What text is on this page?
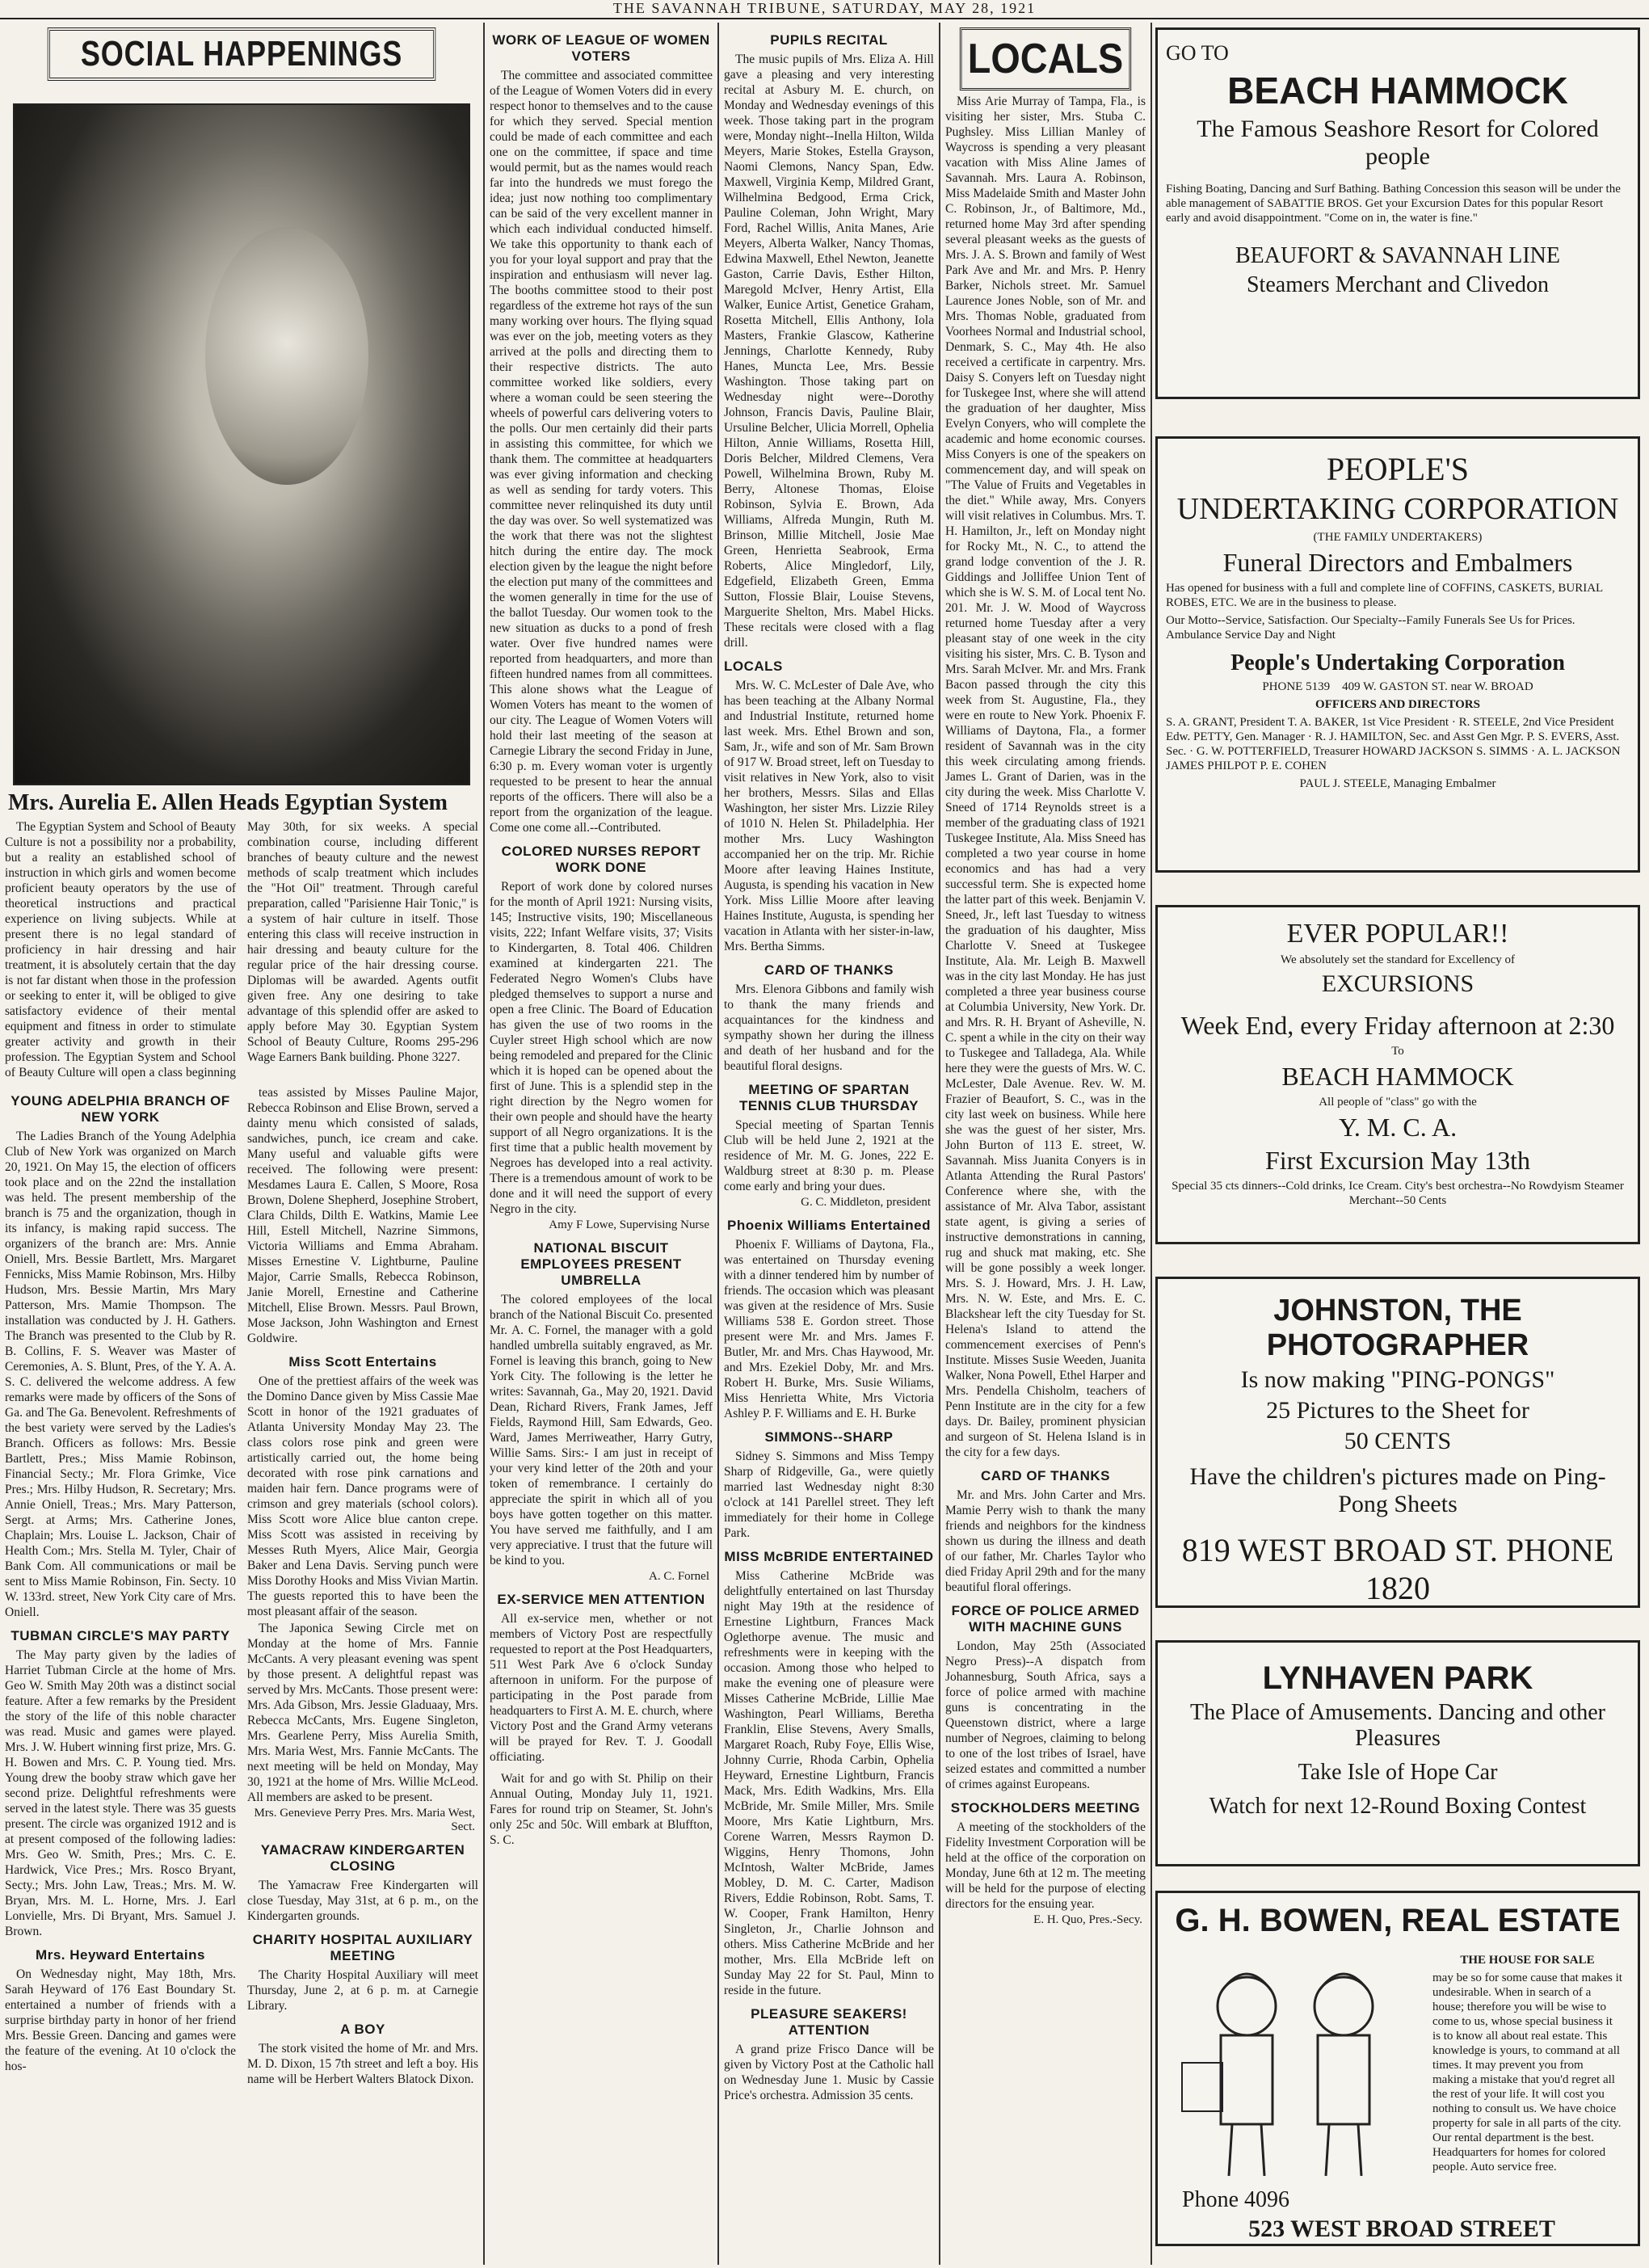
THE SAVANNAH TRIBUNE, SATURDAY, MAY 28, 1921
SOCIAL HAPPENINGS
Mrs. Aurelia E. Allen Heads Egyptian System

The Egyptian System and School of Beauty Culture is not a possibility nor a probability, but a reality an established school of instruction in which girls and women become proficient beauty operators by the use of theoretical instructions and practical experience on living subjects. While at present there is no legal standard of proficiency in hair dressing and hair treatment, it is absolutely certain that the day is not far distant when those in the profession or seeking to enter it, will be obliged to give satisfactory evidence of their mental equipment and fitness in order to stimulate greater activity and growth in their profession. The Egyptian System and School of Beauty Culture will open a class beginning May 30th, for six weeks. A special combination course, including different branches of beauty culture and the newest methods of scalp treatment which includes the "Hot Oil" treatment. Through careful preparation, called "Parisienne Hair Tonic," is a system of hair culture in itself. Those entering this class will receive instruction in hair dressing and beauty culture for the regular price of the hair dressing course. Diplomas will be awarded. Agents outfit given free. Any one desiring to take advantage of this splendid offer are asked to apply before May 30. Egyptian System School of Beauty Culture, Rooms 295-296 Wage Earners Bank building. Phone 3227.

YOUNG ADELPHIA BRANCH OF NEW YORK

The Ladies Branch of the Young Adelphia Club of New York was organized on March 20, 1921. On May 15, the election of officers took place and on the 22nd the installation was held. The present membership of the branch is 75 and the organization, though in its infancy, is making rapid success. The organizers of the branch are: Mrs. Annie Oniell, Mrs. Bessie Bartlett, Mrs. Margaret Fennicks, Miss Mamie Robinson, Mrs. Hilby Hudson, Mrs. Bessie Martin, Mrs Mary Patterson, Mrs. Mamie Thompson. The installation was conducted by J. H. Gathers. The Branch was presented to the Club by R. B. Collins, F. S. Weaver was Master of Ceremonies, A. S. Blunt, Pres, of the Y. A. A. S. C. delivered the welcome address. A few remarks were made by officers of the Sons of Ga. and The Ga. Benevolent. Refreshments of the best variety were served by the Ladies's Branch. Officers as follows: Mrs. Bessie Bartlett, Pres.; Miss Mamie Robinson, Financial Secty.; Mr. Flora Grimke, Vice Pres.; Mrs. Hilby Hudson, R. Secretary; Mrs. Annie Oniell, Treas.; Mrs. Mary Patterson, Sergt. at Arms; Mrs. Catherine Jones, Chaplain; Mrs. Louise L. Jackson, Chair of Health Com.; Mrs. Stella M. Tyler, Chair of Bank Com. All communications or mail be sent to Miss Mamie Robinson, Fin. Secty. 10 W. 133rd. street, New York City care of Mrs. Oniell.

TUBMAN CIRCLE'S MAY PARTY

The May party given by the ladies of Harriet Tubman Circle at the home of Mrs. Geo W. Smith May 20th was a distinct social feature. After a few remarks by the President the story of the life of this noble character was read. Music and games were played. Mrs. J. W. Hubert winning first prize, Mrs. G. H. Bowen and Mrs. C. P. Young tied. Mrs. Young drew the booby straw which gave her second prize. Delightful refreshments were served in the latest style. There was 35 guests present. The circle was organized 1912 and is at present composed of the following ladies: Mrs. Geo W. Smith, Pres.; Mrs. C. E. Hardwick, Vice Pres.; Mrs. Rosco Bryant, Secty.; Mrs. John Law, Treas.; Mrs. M. W. Bryan, Mrs. M. L. Horne, Mrs. J. Earl Lonvielle, Mrs. Di Bryant, Mrs. Samuel J. Brown.

Mrs. Heyward Entertains

On Wednesday night, May 18th, Mrs. Sarah Heyward of 176 East Boundary St. entertained a number of friends with a surprise birthday party in honor of her friend Mrs. Bessie Green. Dancing and games were the feature of the evening. At 10 o'clock the hos-

teas assisted by Misses Pauline Major, Rebecca Robinson and Elise Brown, served a dainty menu which consisted of salads, sandwiches, punch, ice cream and cake. Many useful and valuable gifts were received. The following were present: Mesdames Laura E. Callen, S Moore, Rosa Brown, Dolene Shepherd, Josephine Strobert, Clara Childs, Dilth E. Watkins, Mamie Lee Hill, Estell Mitchell, Nazrine Simmons, Victoria Williams and Emma Abraham. Misses Ernestine V. Lightburne, Pauline Major, Carrie Smalls, Rebecca Robinson, Janie Morell, Ernestine and Catherine Mitchell, Elise Brown. Messrs. Paul Brown, Mose Jackson, John Washington and Ernest Goldwire.

Miss Scott Entertains

One of the prettiest affairs of the week was the Domino Dance given by Miss Cassie Mae Scott in honor of the 1921 graduates of Atlanta University Monday May 23. The class colors rose pink and green were artistically carried out, the home being decorated with rose pink carnations and maiden hair fern. Dance programs were of crimson and grey materials (school colors). Miss Scott wore Alice blue canton crepe. Miss Scott was assisted in receiving by Messes Ruth Myers, Alice Mair, Georgia Baker and Lena Davis. Serving punch were Miss Dorothy Hooks and Miss Vivian Martin. The guests reported this to have been the most pleasant affair of the season.

The Japonica Sewing Circle met on Monday at the home of Mrs. Fannie McCants. A very pleasant evening was spent by those present. A delightful repast was served by Mrs. McCants. Those present were: Mrs. Ada Gibson, Mrs. Jessie Gladuaay, Mrs. Rebecca McCants, Mrs. Eugene Singleton, Mrs. Gearlene Perry, Miss Aurelia Smith, Mrs. Maria West, Mrs. Fannie McCants. The next meeting will be held on Monday, May 30, 1921 at the home of Mrs. Willie McLeod. All members are asked to be present.

Mrs. Genevieve Perry Pres. Mrs. Maria West, Sect.
YAMACRAW KINDERGARTEN CLOSING

The Yamacraw Free Kindergarten will close Tuesday, May 31st, at 6 p. m., on the Kindergarten grounds.

CHARITY HOSPITAL AUXILIARY MEETING

The Charity Hospital Auxiliary will meet Thursday, June 2, at 6 p. m. at Carnegie Library.

A BOY

The stork visited the home of Mr. and Mrs. M. D. Dixon, 15 7th street and left a boy. His name will be Herbert Walters Blatock Dixon.

WORK OF LEAGUE OF WOMEN VOTERS

The committee and associated committee of the League of Women Voters did in every respect honor to themselves and to the cause for which they served. Special mention could be made of each committee and each one on the committee, if space and time would permit, but as the names would reach far into the hundreds we must forego the idea; just now nothing too complimentary can be said of the very excellent manner in which each individual conducted himself. We take this opportunity to thank each of you for your loyal support and pray that the inspiration and enthusiasm will never lag. The booths committee stood to their post regardless of the extreme hot rays of the sun many working over hours. The flying squad was ever on the job, meeting voters as they arrived at the polls and directing them to their respective districts. The auto committee worked like soldiers, every where a woman could be seen steering the wheels of powerful cars delivering voters to the polls. Our men certainly did their parts in assisting this committee, for which we thank them. The committee at headquarters was ever giving information and checking as well as sending for tardy voters. This committee never relinquished its duty until the day was over. So well systematized was the work that there was not the slightest hitch during the entire day. The mock election given by the league the night before the election put many of the committees and the women generally in time for the use of the ballot Tuesday. Our women took to the new situation as ducks to a pond of fresh water. Over five hundred names were reported from headquarters, and more than fifteen hundred names from all committees. This alone shows what the League of Women Voters has meant to the women of our city. The League of Women Voters will hold their last meeting of the season at Carnegie Library the second Friday in June, 6:30 p. m. Every woman voter is urgently requested to be present to hear the annual reports of the officers. There will also be a report from the organization of the league. Come one come all.--Contributed.

COLORED NURSES REPORT WORK DONE

Report of work done by colored nurses for the month of April 1921: Nursing visits, 145; Instructive visits, 190; Miscellaneous visits, 222; Infant Welfare visits, 37; Visits to Kindergarten, 8. Total 406. Children examined at kindergarten 221. The Federated Negro Women's Clubs have pledged themselves to support a nurse and open a free Clinic. The Board of Education has given the use of two rooms in the Cuyler street High school which are now being remodeled and prepared for the Clinic which it is hoped can be opened about the first of June. This is a splendid step in the right direction by the Negro women for their own people and should have the hearty support of all Negro organizations. It is the first time that a public health movement by Negroes has developed into a real activity. There is a tremendous amount of work to be done and it will need the support of every Negro in the city.

Amy F Lowe, Supervising Nurse
NATIONAL BISCUIT EMPLOYEES PRESENT UMBRELLA

The colored employees of the local branch of the National Biscuit Co. presented Mr. A. C. Fornel, the manager with a gold handled umbrella suitably engraved, as Mr. Fornel is leaving this branch, going to New York City. The following is the letter he writes: Savannah, Ga., May 20, 1921. David Dean, Richard Rivers, Frank James, Jeff Fields, Raymond Hill, Sam Edwards, Geo. Ward, James Merriweather, Harry Gutry, Willie Sams. Sirs:- I am just in receipt of your very kind letter of the 20th and your token of remembrance. I certainly do appreciate the spirit in which all of you boys have gotten together on this matter. You have served me faithfully, and I am very appreciative. I trust that the future will be kind to you.

A. C. Fornel
EX-SERVICE MEN ATTENTION

All ex-service men, whether or not members of Victory Post are respectfully requested to report at the Post Headquarters, 511 West Park Ave 6 o'clock Sunday afternoon in uniform. For the purpose of participating in the Post parade from headquarters to First A. M. E. church, where Victory Post and the Grand Army veterans will be prayed for Rev. T. J. Goodall officiating.

Wait for and go with St. Philip on their Annual Outing, Monday July 11, 1921. Fares for round trip on Steamer, St. John's only 25c and 50c. Will embark at Bluffton, S. C.

PUPILS RECITAL

The music pupils of Mrs. Eliza A. Hill gave a pleasing and very interesting recital at Asbury M. E. church, on Monday and Wednesday evenings of this week. Those taking part in the program were, Monday night--Inella Hilton, Wilda Meyers, Marie Stokes, Estella Grayson, Naomi Clemons, Nancy Span, Edw. Maxwell, Virginia Kemp, Mildred Grant, Wilhelmina Bedgood, Erma Crick, Pauline Coleman, John Wright, Mary Ford, Rachel Willis, Anita Manes, Arie Meyers, Alberta Walker, Nancy Thomas, Edwina Maxwell, Ethel Newton, Jeanette Gaston, Carrie Davis, Esther Hilton, Maregold McIver, Henry Artist, Ella Walker, Eunice Artist, Genetice Graham, Rosetta Mitchell, Ellis Anthony, Iola Masters, Frankie Glascow, Katherine Jennings, Charlotte Kennedy, Ruby Hanes, Muncta Lee, Mrs. Bessie Washington. Those taking part on Wednesday night were--Dorothy Johnson, Francis Davis, Pauline Blair, Ursuline Belcher, Ulicia Morrell, Ophelia Hilton, Annie Williams, Rosetta Hill, Doris Belcher, Mildred Clemens, Vera Powell, Wilhelmina Brown, Ruby M. Berry, Altonese Thomas, Eloise Robinson, Sylvia E. Brown, Ada Williams, Alfreda Mungin, Ruth M. Brinson, Millie Mitchell, Josie Mae Green, Henrietta Seabrook, Erma Roberts, Alice Mingledorf, Lily, Edgefield, Elizabeth Green, Emma Sutton, Flossie Blair, Louise Stevens, Marguerite Shelton, Mrs. Mabel Hicks. These recitals were closed with a flag drill.

LOCALS

Mrs. W. C. McLester of Dale Ave, who has been teaching at the Albany Normal and Industrial Institute, returned home last week. Mrs. Ethel Brown and son, Sam, Jr., wife and son of Mr. Sam Brown of 917 W. Broad street, left on Tuesday to visit relatives in New York, also to visit her brothers, Messrs. Silas and Ellas Washington, her sister Mrs. Lizzie Riley of 1010 N. Helen St. Philadelphia. Her mother Mrs. Lucy Washington accompanied her on the trip. Mr. Richie Moore after leaving Haines Institute, Augusta, is spending his vacation in New York. Miss Lillie Moore after leaving Haines Institute, Augusta, is spending her vacation in Atlanta with her sister-in-law, Mrs. Bertha Simms.

CARD OF THANKS

Mrs. Elenora Gibbons and family wish to thank the many friends and acquaintances for the kindness and sympathy shown her during the illness and death of her husband and for the beautiful floral designs.

MEETING OF SPARTAN TENNIS CLUB THURSDAY

Special meeting of Spartan Tennis Club will be held June 2, 1921 at the residence of Mr. M. G. Jones, 222 E. Waldburg street at 8:30 p. m. Please come early and bring your dues.

G. C. Middleton, president
Phoenix Williams Entertained

Phoenix F. Williams of Daytona, Fla., was entertained on Thursday evening with a dinner tendered him by number of friends. The occasion which was pleasant was given at the residence of Mrs. Susie Williams 538 E. Gordon street. Those present were Mr. and Mrs. James F. Butler, Mr. and Mrs. Chas Haywood, Mr. and Mrs. Ezekiel Doby, Mr. and Mrs. Robert H. Burke, Mrs. Susie Wiliams, Miss Henrietta White, Mrs Victoria Ashley P. F. Williams and E. H. Burke

SIMMONS--SHARP

Sidney S. Simmons and Miss Tempy Sharp of Ridgeville, Ga., were quietly married last Wednesday night 8:30 o'clock at 141 Parellel street. They left immediately for their home in College Park.

MISS McBRIDE ENTERTAINED

Miss Catherine McBride was delightfully entertained on last Thursday night May 19th at the residence of Ernestine Lightburn, Frances Mack Oglethorpe avenue. The music and refreshments were in keeping with the occasion. Among those who helped to make the evening one of pleasure were Misses Catherine McBride, Lillie Mae Washington, Pearl Williams, Beretha Franklin, Elise Stevens, Avery Smalls, Margaret Roach, Ruby Foye, Ellis Wise, Johnny Currie, Rhoda Carbin, Ophelia Heyward, Ernestine Lightburn, Francis Mack, Mrs. Edith Wadkins, Mrs. Ella McBride, Mr. Smile Miller, Mrs. Smile Moore, Mrs Katie Lightburn, Mrs. Corene Warren, Messrs Raymon D. Wiggins, Henry Thomons, John McIntosh, Walter McBride, James Mobley, D. M. C. Carter, Madison Rivers, Eddie Robinson, Robt. Sams, T. W. Cooper, Frank Hamilton, Henry Singleton, Jr., Charlie Johnson and others. Miss Catherine McBride and her mother, Mrs. Ella McBride left on Sunday May 22 for St. Paul, Minn to reside in the future.

PLEASURE SEAKERS! ATTENTION

A grand prize Frisco Dance will be given by Victory Post at the Catholic hall on Wednesday June 1. Music by Cassie Price's orchestra. Admission 35 cents.

LOCALS

Miss Arie Murray of Tampa, Fla., is visiting her sister, Mrs. Stuba C. Pughsley. Miss Lillian Manley of Waycross is spending a very pleasant vacation with Miss Aline James of Savannah. Mrs. Laura A. Robinson, Miss Madelaide Smith and Master John C. Robinson, Jr., of Baltimore, Md., returned home May 3rd after spending several pleasant weeks as the guests of Mrs. J. A. S. Brown and family of West Park Ave and Mr. and Mrs. P. Henry Barker, Nichols street. Mr. Samuel Laurence Jones Noble, son of Mr. and Mrs. Thomas Noble, graduated from Voorhees Normal and Industrial school, Denmark, S. C., May 4th. He also received a certificate in carpentry. Mrs. Daisy S. Conyers left on Tuesday night for Tuskegee Inst, where she will attend the graduation of her daughter, Miss Evelyn Conyers, who will complete the academic and home economic courses. Miss Conyers is one of the speakers on commencement day, and will speak on "The Value of Fruits and Vegetables in the diet." While away, Mrs. Conyers will visit relatives in Columbus. Mrs. T. H. Hamilton, Jr., left on Monday night for Rocky Mt., N. C., to attend the grand lodge convention of the J. R. Giddings and Jolliffee Union Tent of which she is W. S. M. of Local tent No. 201. Mr. J. W. Mood of Waycross returned home Tuesday after a very pleasant stay of one week in the city visiting his sister, Mrs. C. B. Tyson and Mrs. Sarah McIver. Mr. and Mrs. Frank Bacon passed through the city this week from St. Augustine, Fla., they were en route to New York. Phoenix F. Williams of Daytona, Fla., a former resident of Savannah was in the city this week circulating among friends. James L. Grant of Darien, was in the city during the week. Miss Charlotte V. Sneed of 1714 Reynolds street is a member of the graduating class of 1921 Tuskegee Institute, Ala. Miss Sneed has completed a two year course in home economics and has had a very successful term. She is expected home the latter part of this week. Benjamin V. Sneed, Jr., left last Tuesday to witness the graduation of his daughter, Miss Charlotte V. Sneed at Tuskegee Institute, Ala. Mr. Leigh B. Maxwell was in the city last Monday. He has just completed a three year business course at Columbia University, New York. Dr. and Mrs. R. H. Bryant of Asheville, N. C. spent a while in the city on their way to Tuskegee and Talladega, Ala. While here they were the guests of Mrs. W. C. McLester, Dale Avenue. Rev. W. M. Frazier of Beaufort, S. C., was in the city last week on business. While here she was the guest of her sister, Mrs. John Burton of 113 E. street, W. Savannah. Miss Juanita Conyers is in Atlanta Attending the Rural Pastors' Conference where she, with the assistance of Mr. Alva Tabor, assistant state agent, is giving a series of instructive demonstrations in canning, rug and shuck mat making, etc. She will be gone possibly a week longer. Mrs. S. J. Howard, Mrs. J. H. Law, Mrs. N. W. Este, and Mrs. E. C. Blackshear left the city Tuesday for St. Helena's Island to attend the commencement exercises of Penn's Institute. Misses Susie Weeden, Juanita Walker, Nona Powell, Ethel Harper and Mrs. Pendella Chisholm, teachers of Penn Institute are in the city for a few days. Dr. Bailey, prominent physician and surgeon of St. Helena Island is in the city for a few days.

CARD OF THANKS

Mr. and Mrs. John Carter and Mrs. Mamie Perry wish to thank the many friends and neighbors for the kindness shown us during the illness and death of our father, Mr. Charles Taylor who died Friday April 29th and for the many beautiful floral offerings.

FORCE OF POLICE ARMED WITH MACHINE GUNS

London, May 25th (Associated Negro Press)--A dispatch from Johannesburg, South Africa, says a force of police armed with machine guns is concentrating in the Queenstown district, where a large number of Negroes, claiming to belong to one of the lost tribes of Israel, have seized estates and committed a number of crimes against Europeans.

STOCKHOLDERS MEETING

A meeting of the stockholders of the Fidelity Investment Corporation will be held at the office of the corporation on Monday, June 6th at 12 m. The meeting will be held for the purpose of electing directors for the ensuing year.

E. H. Quo, Pres.-Secy.

GO TO

BEACH HAMMOCK

The Famous Seashore Resort for Colored people

Fishing Boating, Dancing and Surf Bathing. Bathing Concession this season will be under the able management of SABATTIE BROS. Get your Excursion Dates for this popular Resort early and avoid disappointment. "Come on in, the water is fine."

BEAUFORT & SAVANNAH LINE

Steamers Merchant and Clivedon

PEOPLE'S

UNDERTAKING CORPORATION

(THE FAMILY UNDERTAKERS)

Funeral Directors and Embalmers

Has opened for business with a full and complete line of COFFINS, CASKETS, BURIAL ROBES, ETC. We are in the business to please.

Our Motto--Service, Satisfaction. Our Specialty--Family Funerals See Us for Prices. Ambulance Service Day and Night

People's Undertaking Corporation

PHONE 5139 409 W. GASTON ST. near W. BROAD

OFFICERS AND DIRECTORS

S. A. GRANT, President T. A. BAKER, 1st Vice President · R. STEELE, 2nd Vice President Edw. PETTY, Gen. Manager · R. J. HAMILTON, Sec. and Asst Gen Mgr. P. S. EVERS, Asst. Sec. · G. W. POTTERFIELD, Treasurer HOWARD JACKSON S. SIMMS · A. L. JACKSON JAMES PHILPOT P. E. COHEN

PAUL J. STEELE, Managing Embalmer

EVER POPULAR!!

We absolutely set the standard for Excellency of

EXCURSIONS

Week End, every Friday afternoon at 2:30

To

BEACH HAMMOCK

All people of "class" go with the

Y. M. C. A.

First Excursion May 13th

Special 35 cts dinners--Cold drinks, Ice Cream. City's best orchestra--No Rowdyism Steamer Merchant--50 Cents

JOHNSTON, THE PHOTOGRAPHER

Is now making "PING-PONGS"

25 Pictures to the Sheet for

50 CENTS

Have the children's pictures made on Ping-Pong Sheets

819 WEST BROAD ST. PHONE 1820

LYNHAVEN PARK

The Place of Amusements. Dancing and other Pleasures

Take Isle of Hope Car

Watch for next 12-Round Boxing Contest

G. H. BOWEN, REAL ESTATE

THE HOUSE FOR SALE

may be so for some cause that makes it undesirable. When in search of a house; therefore you will be wise to come to us, whose special business it is to know all about real estate. This knowledge is yours, to command at all times. It may prevent you from making a mistake that you'd regret all the rest of your life. It will cost you nothing to consult us. We have choice property for sale in all parts of the city. Our rental department is the best. Headquarters for homes for colored people. Auto service free.

Phone 4096

523 WEST BROAD STREET
